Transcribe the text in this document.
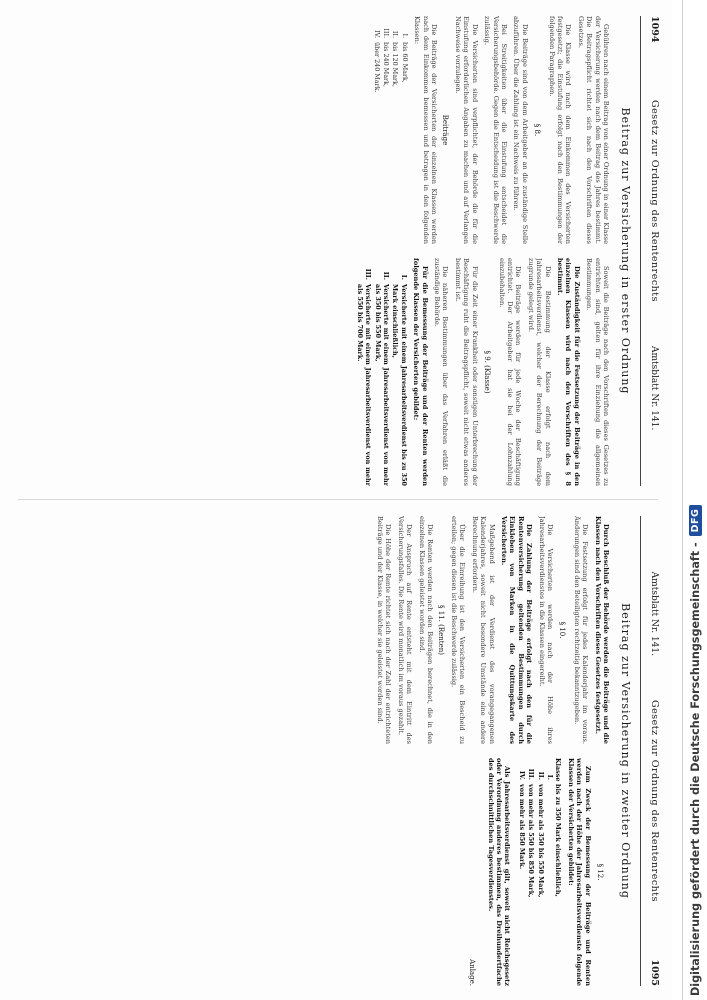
1094
Gesetz zur Ordnung des Rentenrechts
Amtsblatt Nr. 141.
Beitrag zur Versicherung in erster Ordnung

Gebühren nach einem Beitrag von einer Ordnung in einer Klasse der Versicherung werden nach dem Beitrag des Jahres bestimmt. Die Beitragspflicht richtet sich nach den Vorschriften dieses Gesetzes.

Die Klasse wird nach dem Einkommen des Versicherten festgesetzt; die Einstufung erfolgt nach den Bestimmungen der folgenden Paragraphen.

§ 8.

Die Beiträge sind von dem Arbeitgeber an die zuständige Stelle abzuführen. Über die Zahlung ist ein Nachweis zu führen.

Bei Streitigkeiten über die Einstufung entscheidet die Versicherungsbehörde. Gegen die Entscheidung ist die Beschwerde zulässig.

Die Versicherten sind verpflichtet, der Behörde die für die Einstufung erforderlichen Angaben zu machen und auf Verlangen Nachweise vorzulegen.

Beiträge

Die Beiträge der Versicherten der einzelnen Klassen werden nach dem Einkommen bemessen und betragen in den folgenden Klassen:

I.
bis 60 Mark,
II.
bis 120 Mark,
III.
bis 240 Mark,
IV.
über 240 Mark.

Soweit die Beiträge nach den Vorschriften dieses Gesetzes zu entrichten sind, gelten für ihre Einziehung die allgemeinen Bestimmungen.

Die Zuständigkeit für die Festsetzung der Beiträge in den einzelnen Klassen wird nach den Vorschriften des § 8 bestimmt.

Die Bestimmung der Klasse erfolgt nach dem Jahresarbeitsverdienst, welcher der Berechnung der Beiträge zugrunde gelegt wird.

Die Beiträge werden für jede Woche der Beschäftigung entrichtet. Der Arbeitgeber hat sie bei der Lohnzahlung einzubehalten.

§ 9. (Klasse)

Für die Zeit einer Krankheit oder sonstigen Unterbrechung der Beschäftigung ruht die Beitragspflicht, soweit nicht etwas anderes bestimmt ist.

Die näheren Bestimmungen über das Verfahren erläßt die zuständige Behörde.

Für die Bemessung der Beiträge und der Renten werden folgende Klassen der Versicherten gebildet:

I.
Versicherte mit einem Jahresarbeitsverdienst bis zu 350 Mark einschließlich,
II.
Versicherte mit einem Jahresarbeitsverdienst von mehr als 350 bis 550 Mark,
III.
Versicherte mit einem Jahresarbeitsverdienst von mehr als 550 bis 700 Mark.
Amtsblatt Nr. 141.
Gesetz zur Ordnung des Rentenrechts
1095
Beitrag zur Versicherung in zweiter Ordnung

Durch Beschluß der Behörde werden die Beiträge und die Klassen nach den Vorschriften dieses Gesetzes festgesetzt.

Die Festsetzung erfolgt für jedes Kalenderjahr im voraus. Änderungen sind den Beteiligten rechtzeitig bekanntzugeben.

§ 10.

Die Versicherten werden nach der Höhe ihres Jahresarbeitsverdienstes in die Klassen eingereiht.

Die Zahlung der Beiträge erfolgt nach den für die Rentenversicherung geltenden Bestimmungen durch Einkleben von Marken in die Quittungskarte des Versicherten.

Maßgebend ist der Verdienst des vorangegangenen Kalenderjahres, soweit nicht besondere Umstände eine andere Berechnung erfordern.

Über die Einreihung ist den Versicherten ein Bescheid zu erteilen; gegen diesen ist die Beschwerde zulässig.

§ 11. (Renten)

Die Renten werden nach den Beiträgen berechnet, die in den einzelnen Klassen geleistet worden sind.

Der Anspruch auf Rente entsteht mit dem Eintritt des Versicherungsfalles. Die Rente wird monatlich im voraus gezahlt.

Die Höhe der Rente richtet sich nach der Zahl der entrichteten Beiträge und der Klasse, in welcher sie geleistet worden sind.

§ 12.

Zum Zweck der Bemessung der Beiträge und Renten werden nach der Höhe der Jahresarbeitsverdienste folgende Klassen der Versicherten gebildet:

Klasse I.
bis zu 350 Mark einschließlich,
II.
von mehr als 350 bis 550 Mark,
III.
von mehr als 550 bis 850 Mark,
IV.
von mehr als 850 Mark.

Als Jahresarbeitsverdienst gilt, soweit nicht Reichsgesetz oder Verordnung anderes bestimmen, das Dreihundertfache des durchschnittlichen Tagesverdienstes.

Anlage.	Digitalisierung gefördert durch die Deutsche Forschungsgemeinschaft -
DFG
